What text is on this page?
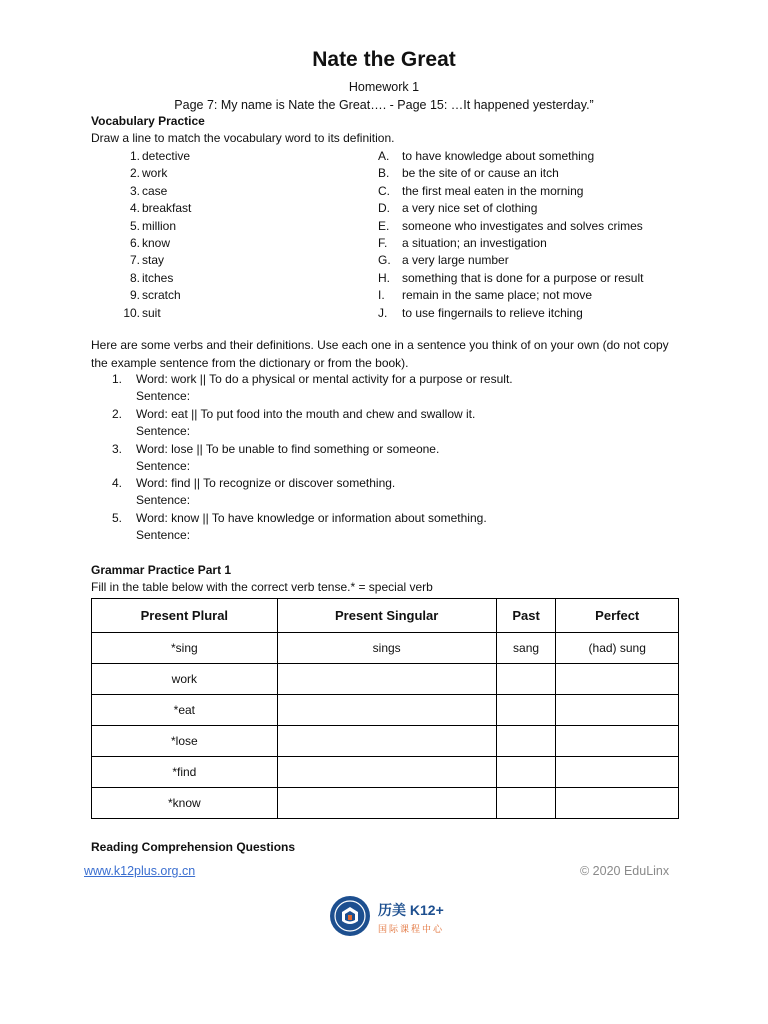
Nate the Great
Homework 1
Page 7: My name is Nate the Great…. - Page 15: …It happened yesterday.”
Vocabulary Practice
Draw a line to match the vocabulary word to its definition.
1. detective	A. to have knowledge about something
2. work	B. be the site of or cause an itch
3. case	C. the first meal eaten in the morning
4. breakfast	D. a very nice set of clothing
5. million	E. someone who investigates and solves crimes
6. know	F. a situation; an investigation
7. stay	G. a very large number
8. itches	H. something that is done for a purpose or result
9. scratch	I. remain in the same place; not move
10. suit	J. to use fingernails to relieve itching
Here are some verbs and their definitions. Use each one in a sentence you think of on your own (do not copy the example sentence from the dictionary or from the book).
1. Word: work || To do a physical or mental activity for a purpose or result.
Sentence:
2. Word: eat || To put food into the mouth and chew and swallow it.
Sentence:
3. Word: lose || To be unable to find something or someone.
Sentence:
4. Word: find || To recognize or discover something.
Sentence:
5. Word: know || To have knowledge or information about something.
Sentence:
Grammar Practice Part 1
Fill in the table below with the correct verb tense.* = special verb
Present Plural	Present Singular	Past	Perfect
*sing	sings	sang	(had) sung
work			
*eat			
*lose			
*find			
*know			
Reading Comprehension Questions
www.k12plus.org.cn
历美 K12+
国际课程中心
© 2020 EduLinx
